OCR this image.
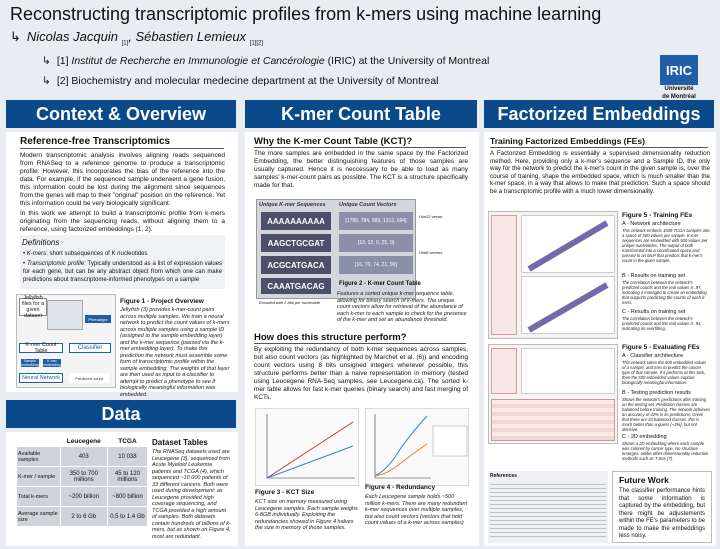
Reconstructing transcriptomic profiles from k-mers using machine learning
↳ Nicolas Jacquin $_{[1]}$, Sébastien Lemieux $_{[1][2]}$
↳ [1] Institut de Recherche en Immunologie et Cancérologie (IRIC) at the University of Montreal
↳ [2] Biochemistry and molecular medecine department at the University of Montreal
IRIC
Université
de Montréal
Context & Overview	K-mer Count Table	Factorized Embeddings
Reference-free Transcriptomics
Modern transcriptomic analysis involves aligning reads sequenced from RNASeq to a reference genome to produce a transcriptomic profile. However, this incorporates the bias of the reference into the data. For example, if the sequenced sample underwent a gene fusion, this information could be lost during the alignment since sequences from the genes will map to their "original" position on the reference. Yet this information could be very biologically significant.
In this work we attempt to build a transcriptomic profile from k-mers originating from the sequencing reads, without aligning them to a reference, using factorized embeddings (1, 2).
Definitions
• K-mers: short subsequences of K nucleotides
• Transcriptomic profile: Typically understood as a list of expression values for each gene, but can be any abstract object from which one can make predictions about transcriptome-informed phenotypes on a sample
Jellyfish files for a given dataset
K-mer Count Table	Classifier
Neural Network
Sample embedding
K-mer embedding
Predicted count
Phenotype
Figure 1 - Project Overview
Jellyfish (3) provides k-mer-count pairs across multiple samples. We train a neural network to predict the count values of k-mers across multiple samples using a sample ID (assigned to the sample embedding layer) and the k-mer sequence (passed via the k-mer embedding layer). To make this prediction the network must assemble some form of transcriptomic profile within the sample embedding. The weights of that layer are then used as input to a classifier to attempt to predict a phenotype to see if biologically meaningful information was embedded.
Data
	Leucegene	TCGA
Available samples	403	10 038
K-mer / sample	350 to 700 millions	45 to 120 millions
Total k-mers	~200 billion	~800 billion
Average sample size	2 to 6 Gb	0.5 to 1.4 Gb
Dataset Tables
The RNASeq datasets used are Leucegene (3), sequenced from Acute Myeloid Leukemia patients and TCGA (4), which sequenced ~10 000 patients of 33 different cancers. Both were used during development: as Leucegene provided high coverage sequencing, and TCGA provided a high amount of samples. Both datasets contain hundreds of billions of k-mers, but as shown on Figure 4, most are redundant.
Why the K-mer Count Table (KCT)?
The more samples are embedded in the same space by the Factorized Embedding, the better distinguishing features of those samples are usually captured. Hence it is neccessary to be able to load as many samples' k-mer-count pairs as possible. The KCT is a structure specifically made for that.
Unique K-mer Sequences Unique Count Vectors
AAAAAAAAAA
AAGCTGCGAT
ACGCATGACA
CAAATGACAG
[1789, 784, 989, 1312, 694]
[13, 12, 0, 25, 0]
[16, 70, 74, 21, 90]
Uint32 vector
Uint8 vectors
Encoded with 2 bits per nucleotide
Figure 2 - K-mer Count Table
Features a sorted unique k-mer sequence table, allowing for binary search of k-mers. The unique count vectors allow for retrieval of the abundance of each k-mer to each sample to check for the presence of the k-mer and set an abundance threshold.
How does this structure perform?
By exploiting the redundancy of both k-mer sequences across samples, but also count vectors (as highlighted by Marchet et al. (6)) and encoding count vectors using 8 bits unsigned integers wherever possible, this structure performs better than a naive representation in memory (tested using Leucegene RNA-Seq samples, see Leucegene.ca). The sorted k-mer table allows for fast k-mer queries (binary search) and fast merging of KCTs.
Figure 3 - KCT Size
KCT size on memory measured using Leucegene samples. Each sample weighs 6-8GB individually. Exploiting the redundancies showed in Figure 4 halves the size in memory of those samples.
Figure 4 - Redundancy
Each Leucegene sample holds ~500 million k-mers. There are many redundant k-mer sequences over multiple samples, but also count vectors (vectors that hold count values of a k-mer across samples)
Training Factorized Embeddings (FEs)
A Factorized Embedding is essentially a supervised dimensionality reduction method. Here, providing only a k-mer's sequence and a Sample ID, the only way for the network to predict the k-mer's count in the given sample is, over the course of training, shape the embedded space, which is much smaller than the k-mer space, in a way that allows to make that prediction. Such a space should be a transcriptomic profile with a much lower dimensionality.
Figure 5 - Training FEs
A - Network architecture
This network embeds 1939 TCGA samples into a space of 500 values per sample. K-mer sequences are embedded with 500 values per unique nucleotides. The output of both transformed into a coordinated space and passed to an MLP that predicts that k-mer's count in the given sample.
B - Results on training set
The correlation between the network's predicted counts and the real values is .97, indicating it managed to create an embedding that supports predicting the counts of each k-mers.
C - Results on training set
The correlation between the network's predicted counts and the real values is .94, indicating no overfitting.
Figure 5 - Evaluating FEs
A - Classifier architecture
This network takes the 500 embedded values of a sample, and tries to predict the cancer type of that sample. If it performs at this task, then the 500 embedded values capture biologically meaningful information.
B - Testing prediction results
Shows the network's predictions after training on the testing set. Prediction classes are balanced before training. The network achieves an accuracy of 42% in its predictions. Given that there are 33 balanced classes, this is much better than a guess (~3%), but not decisive.
C - 2D embedding
Shows a 2D embedding where each sample was colored by cancer type. No structure emerges, unlike other dimensionality reduction methods such as T-Sne (7).
References	Future Work
The classifier performance hints that some information is captured by the embedding, but there might be adjustements within the FE's parameters to be made to make the embeddings less noisy.
